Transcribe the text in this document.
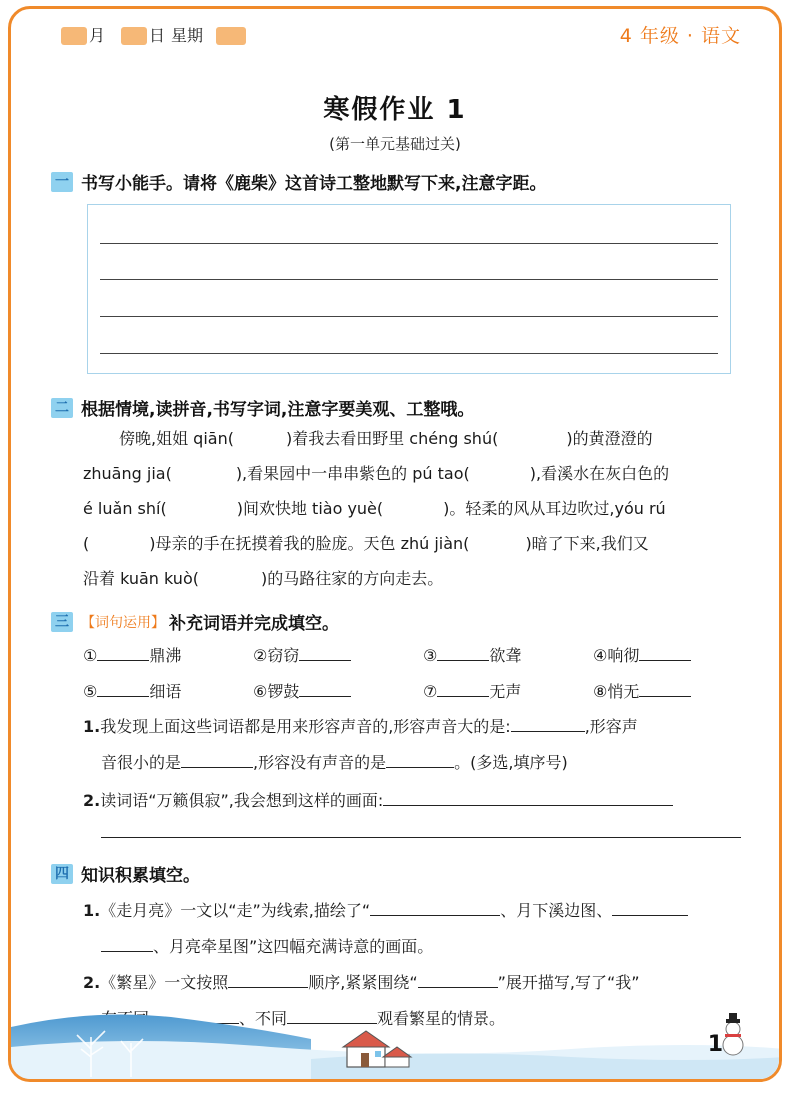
月	日 星期	4 年级 · 语文
寒假作业 1
(第一单元基础过关)
一 书写小能手。请将《鹿柴》这首诗工整地默写下来,注意字距。
二 根据情境,读拼音,书写字词,注意字要美观、工整哦。

傍晚,姐姐 qiān(	)着我去看田野里 chéng shú(	)的黄澄澄的

zhuāng jia(	),看果园中一串串紫色的 pú tao(	),看溪水在灰白色的

é luǎn shí(	)间欢快地 tiào yuè(	)。轻柔的风从耳边吹过,yóu rú

(	)母亲的手在抚摸着我的脸庞。天色 zhú jiàn(	)暗了下来,我们又

沿着 kuān kuò(	)的马路往家的方向走去。

三 【词句运用】 补充词语并完成填空。
①	鼎沸	②窃窃	③	欲聋	④响彻
⑤	细语	⑥锣鼓	⑦	无声	⑧悄无
1.我发现上面这些词语都是用来形容声音的,形容声音大的是:	,形容声
音很小的是	,形容没有声音的是	。(多选,填序号)
2.读词语“万籁俱寂”,我会想到这样的画面:
四 知识积累填空。
1.《走月亮》一文以“走”为线索,描绘了“	、月下溪边图、
、月亮牵星图”这四幅充满诗意的画面。
2.《繁星》一文按照	顺序,紧紧围绕“	”展开描写,写了“我”
、不同	观看繁星的情景。
1
